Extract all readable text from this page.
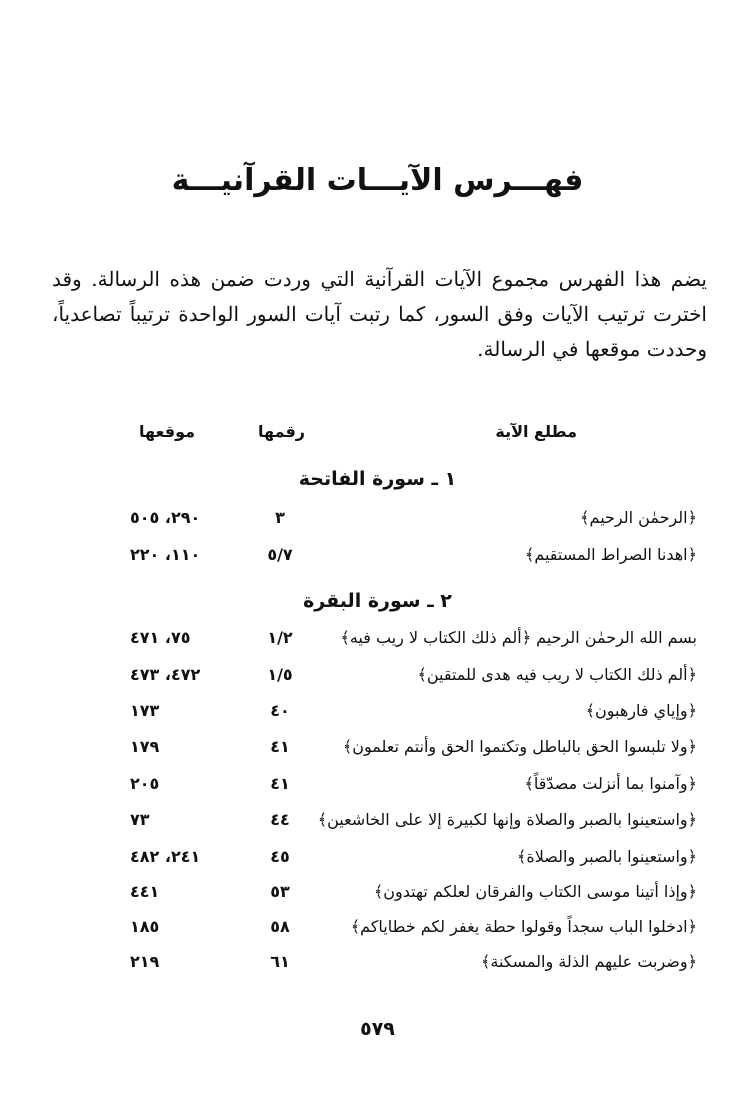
فهـــرس الآيـــات القرآنيـــة

يضم هذا الفهرس مجموع الآيات القرآنية التي وردت ضمن هذه الرسالة. وقد اخترت ترتيب الآيات وفق السور، كما رتبت آيات السور الواحدة ترتيباً تصاعدياً، وحددت موقعها في الرسالة.

مطلع الآية
رقمها
موقعها
١ ـ سورة الفاتحة
﴿الرحمٰن الرحيم﴾
٣
٢٩٠، ٥٠٥
﴿اهدنا الصراط المستقيم﴾
٥/٧
١١٠، ٢٢٠
٢ ـ سورة البقرة
بسم الله الرحمٰن الرحيم ﴿ألم ذلك الكتاب لا ريب فيه﴾
١/٢
٧٥، ٤٧١
﴿ألم ذلك الكتاب لا ريب فيه هدى للمتقين﴾
١/٥
٤٧٢، ٤٧٣
﴿وإياي فارهبون﴾
٤٠
١٧٣
﴿ولا تلبسوا الحق بالباطل وتكتموا الحق وأنتم تعلمون﴾
٤١
١٧٩
﴿وآمنوا بما أنزلت مصدّقاً﴾
٤١
٢٠٥
﴿واستعينوا بالصبر والصلاة وإنها لكبيرة إلا على الخاشعين﴾
٤٤
٧٣
﴿واستعينوا بالصبر والصلاة﴾
٤٥
٢٤١، ٤٨٢
﴿وإذا أتينا موسى الكتاب والفرقان لعلكم تهتدون﴾
٥٣
٤٤١
﴿ادخلوا الباب سجداً وقولوا حطة يغفر لكم خطاياكم﴾
٥٨
١٨٥
﴿وضربت عليهم الذلة والمسكنة﴾
٦١
٢١٩
٥٧٩
